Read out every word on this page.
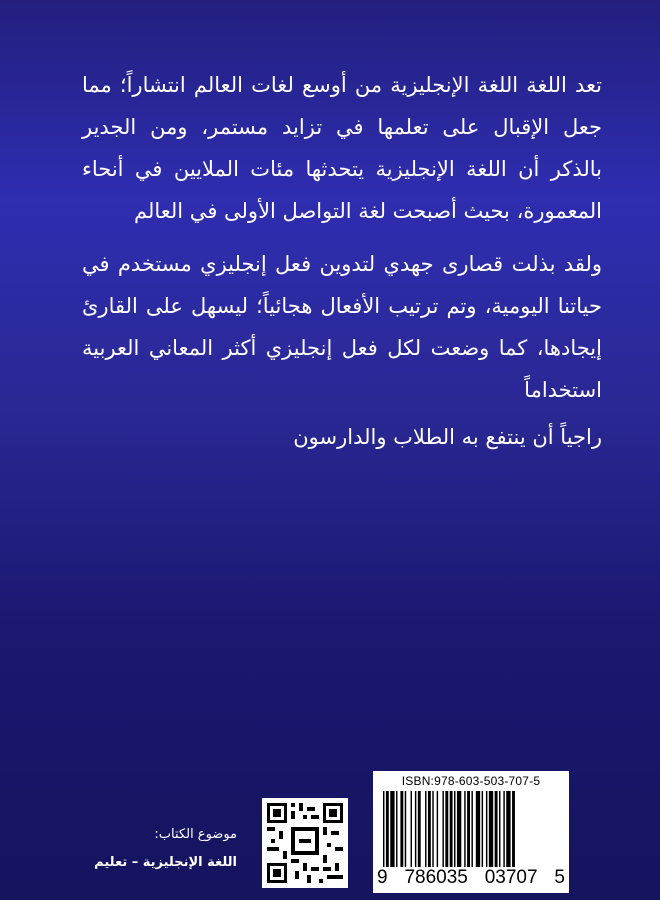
تعد اللغة اللغة الإنجليزية من أوسع لغات العالم انتشاراً؛ مما جعل الإقبال على تعلمها في تزايد مستمر، ومن الجدير بالذكر أن اللغة الإنجليزية يتحدثها مئات الملايين في أنحاء المعمورة، بحيث أصبحت لغة التواصل الأولى في العالم

ولقد بذلت قصارى جهدي لتدوين فعل إنجليزي مستخدم في حياتنا اليومية، وتم ترتيب الأفعال هجائياً؛ ليسهل على القارئ إيجادها، كما وضعت لكل فعل إنجليزي أكثر المعاني العربية استخداماً

راجياً أن ينتفع به الطلاب والدارسون

ISBN:978-603-503-707-5
9 786035 03707 5
موضوع الكتاب:
اللغة الإنجليزية – تعليم
